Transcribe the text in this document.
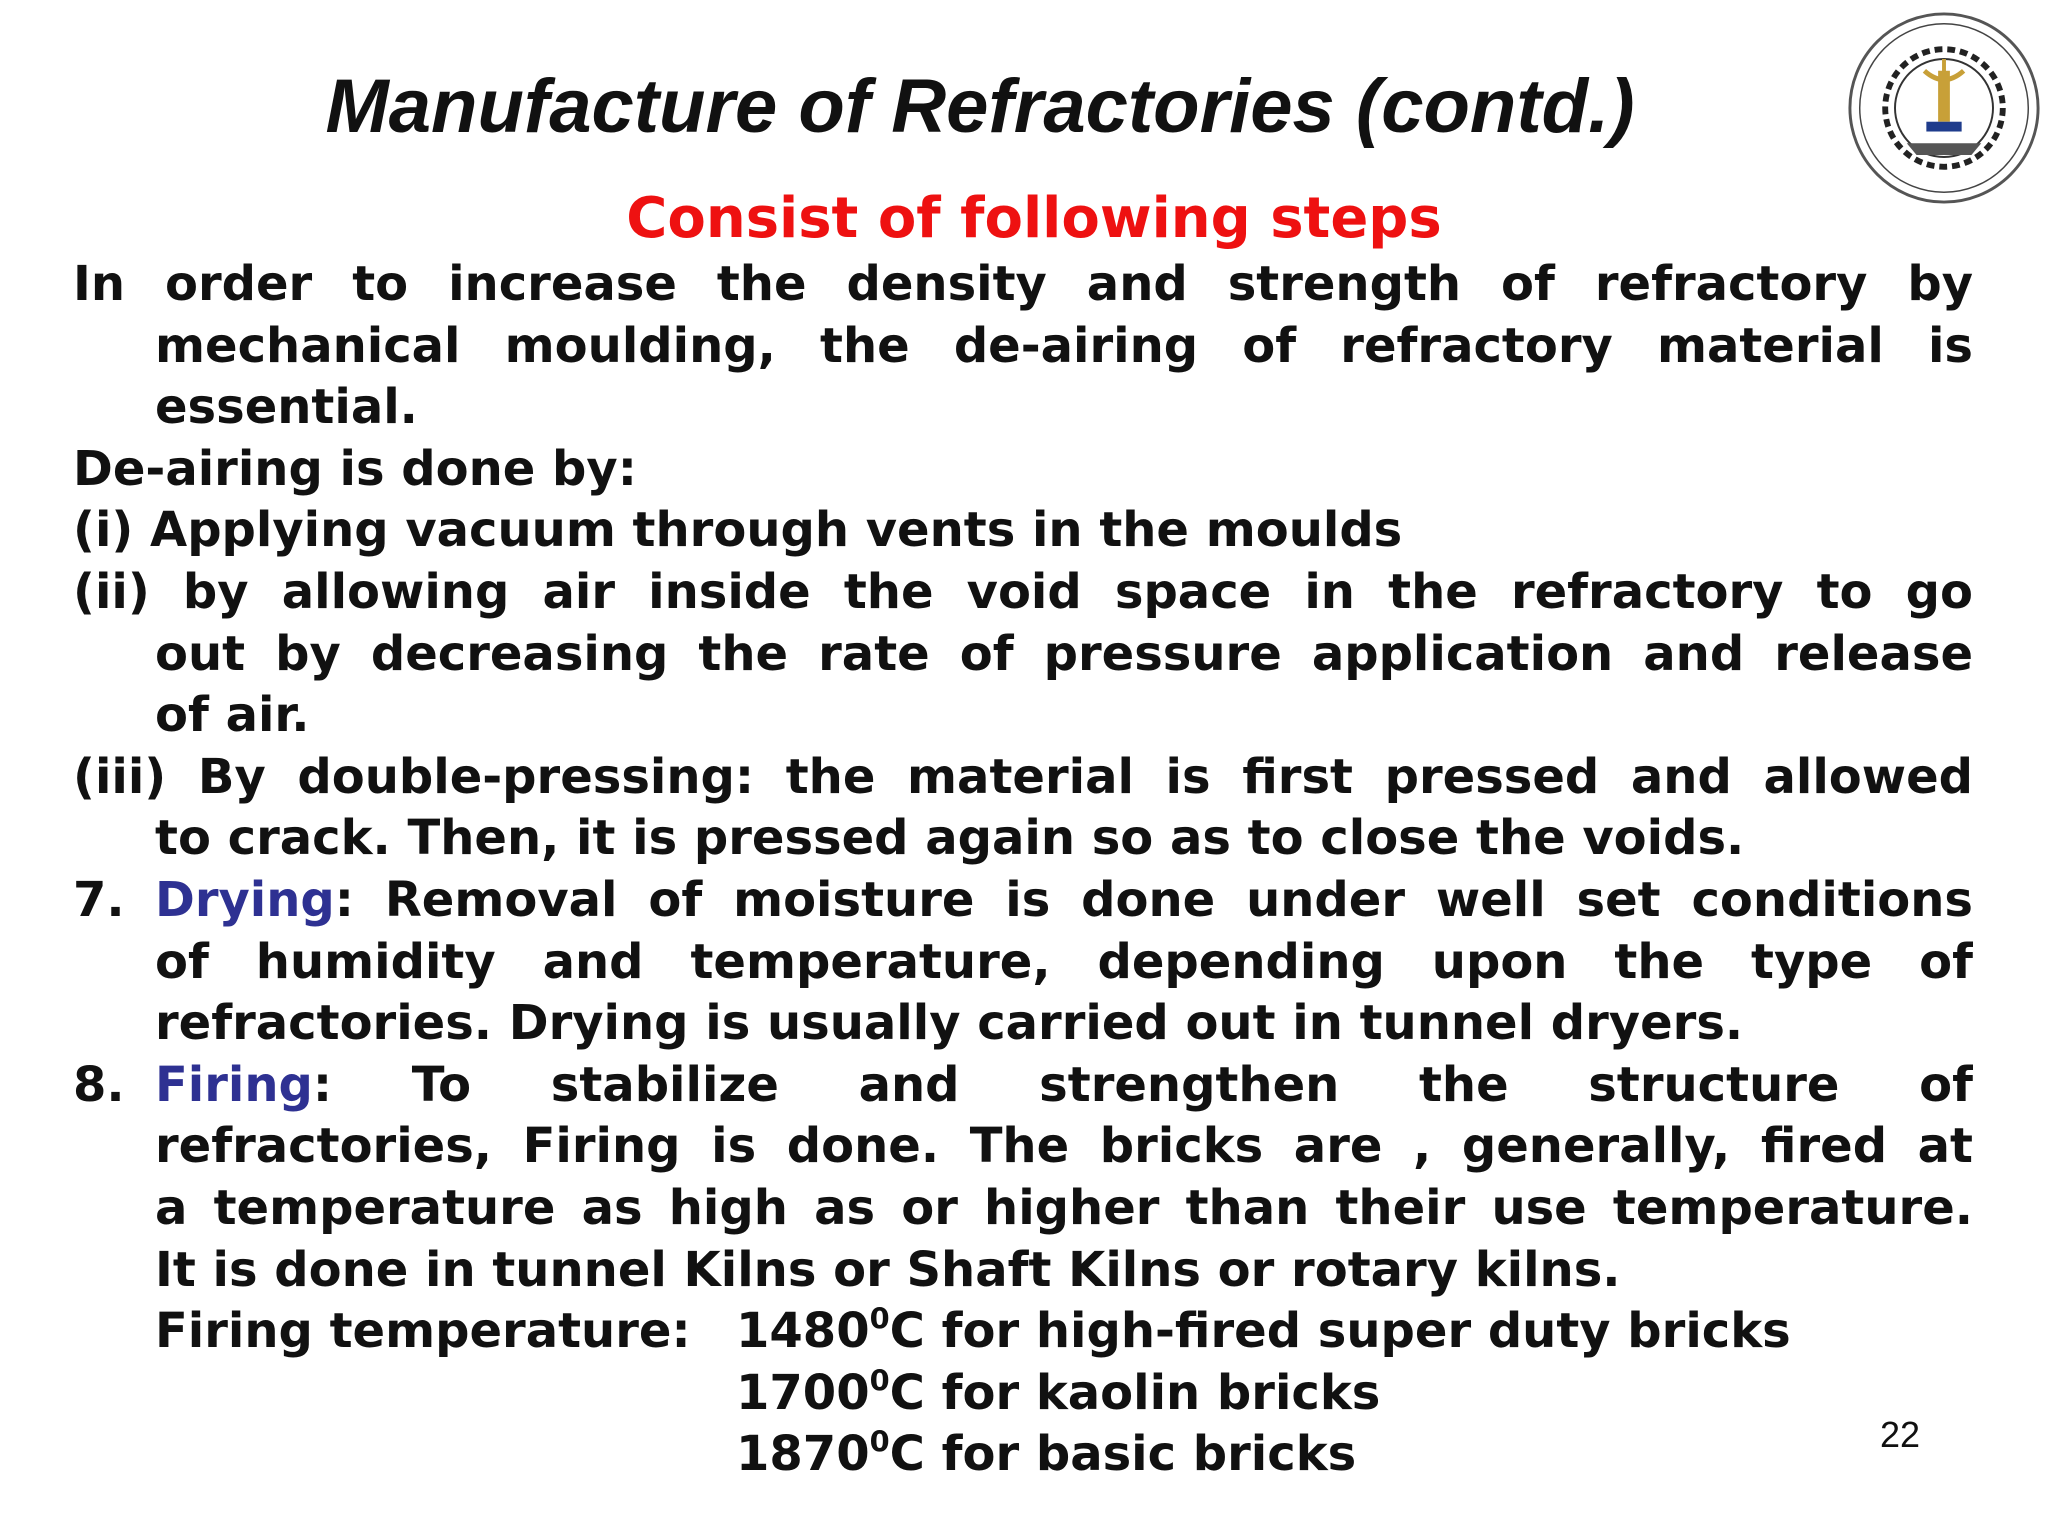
Manufacture of Refractories (contd.)
Consist of following steps
In order to increase the density and strength of refractory by
mechanical moulding, the de-airing of refractory material is
essential.
De-airing is done by:
(i) Applying vacuum through vents in the moulds
(ii) by allowing air inside the void space in the refractory to go
out by decreasing the rate of pressure application and release
of air.
(iii) By double-pressing: the material is first pressed and allowed
to crack. Then, it is pressed again so as to close the voids.
7. Drying: Removal of moisture is done under well set conditions
of humidity and temperature, depending upon the type of
refractories. Drying is usually carried out in tunnel dryers.
8. Firing: To stabilize and strengthen the structure of
refractories, Firing is done. The bricks are , generally, fired at
a temperature as high as or higher than their use temperature.
It is done in tunnel Kilns or Shaft Kilns or rotary kilns.
Firing temperature: 1480$^0$C for high-fired super duty bricks
1700$^0$C for kaolin bricks
1870$^0$C for basic bricks	22
